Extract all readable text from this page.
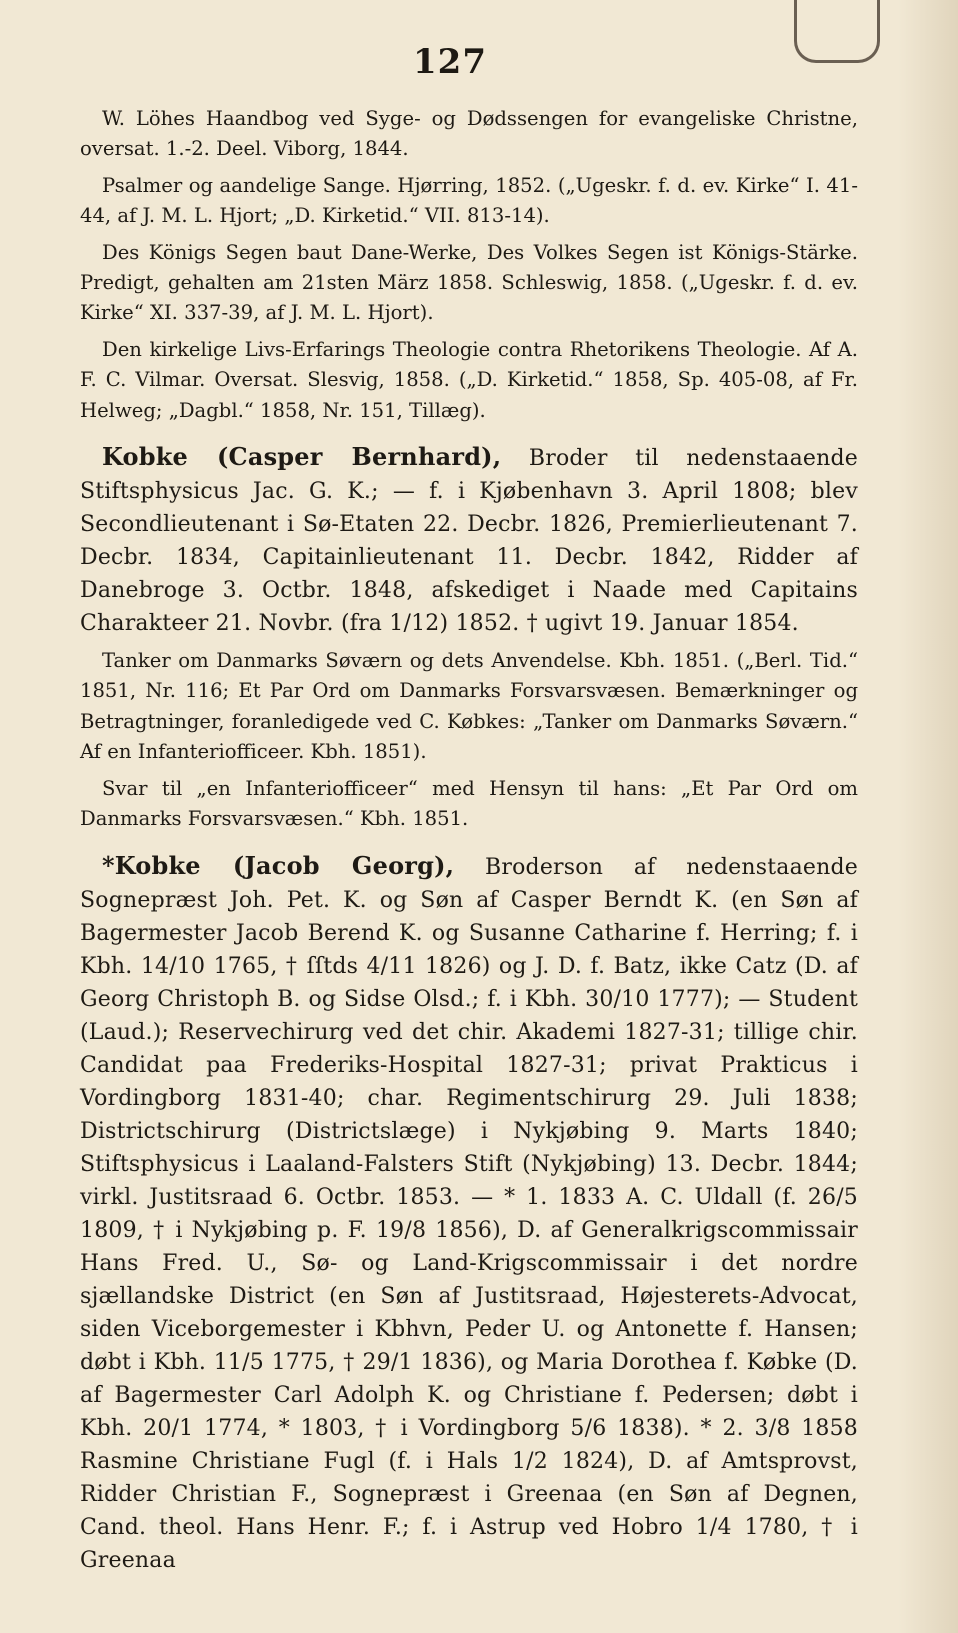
127

W. Löhes Haandbog ved Syge- og Dødssengen for evangeliske Christne, oversat. 1.-2. Deel. Viborg, 1844.

Psalmer og aandelige Sange. Hjørring, 1852. („Ugeskr. f. d. ev. Kirke“ I. 41-44, af J. M. L. Hjort; „D. Kirketid.“ VII. 813-14).

Des Königs Segen baut Dane-Werke, Des Volkes Segen ist Königs-Stärke. Predigt, gehalten am 21sten März 1858. Schleswig, 1858. („Ugeskr. f. d. ev. Kirke“ XI. 337-39, af J. M. L. Hjort).

Den kirkelige Livs-Erfarings Theologie contra Rhetorikens Theologie. Af A. F. C. Vilmar. Oversat. Slesvig, 1858. („D. Kirketid.“ 1858, Sp. 405-08, af Fr. Helweg; „Dagbl.“ 1858, Nr. 151, Tillæg).

Kobke (Casper Bernhard), Broder til nedenstaaende Stiftsphysicus Jac. G. K.; — f. i Kjøbenhavn 3. April 1808; blev Secondlieutenant i Sø-Etaten 22. Decbr. 1826, Premierlieutenant 7. Decbr. 1834, Capitainlieutenant 11. Decbr. 1842, Ridder af Danebroge 3. Octbr. 1848, afskediget i Naade med Capitains Charakteer 21. Novbr. (fra 1/12) 1852. † ugivt 19. Januar 1854.

Tanker om Danmarks Søværn og dets Anvendelse. Kbh. 1851. („Berl. Tid.“ 1851, Nr. 116; Et Par Ord om Danmarks Forsvarsvæsen. Bemærkninger og Betragtninger, foranledigede ved C. Købkes: „Tanker om Danmarks Søværn.“ Af en Infanteriofficeer. Kbh. 1851).

Svar til „en Infanteriofficeer“ med Hensyn til hans: „Et Par Ord om Danmarks Forsvarsvæsen.“ Kbh. 1851.

*Kobke (Jacob Georg), Broderson af nedenstaaende Sognepræst Joh. Pet. K. og Søn af Casper Berndt K. (en Søn af Bagermester Jacob Berend K. og Susanne Catharine f. Herring; f. i Kbh. 14/10 1765, † ſſtds 4/11 1826) og J. D. f. Batz, ikke Catz (D. af Georg Christoph B. og Sidse Olsd.; f. i Kbh. 30/10 1777); — Student (Laud.); Reservechirurg ved det chir. Akademi 1827-31; tillige chir. Candidat paa Frederiks-Hospital 1827-31; privat Prakticus i Vordingborg 1831-40; char. Regimentschirurg 29. Juli 1838; Districtschirurg (Districtslæge) i Nykjøbing 9. Marts 1840; Stiftsphysicus i Laaland-Falsters Stift (Nykjøbing) 13. Decbr. 1844; virkl. Justitsraad 6. Octbr. 1853. — * 1. 1833 A. C. Uldall (f. 26/5 1809, † i Nykjøbing p. F. 19/8 1856), D. af Generalkrigscommissair Hans Fred. U., Sø- og Land-Krigscommissair i det nordre sjællandske District (en Søn af Justitsraad, Højesterets-Advocat, siden Viceborgemester i Kbhvn, Peder U. og Antonette f. Hansen; døbt i Kbh. 11/5 1775, † 29/1 1836), og Maria Dorothea f. Købke (D. af Bagermester Carl Adolph K. og Christiane f. Pedersen; døbt i Kbh. 20/1 1774, * 1803, † i Vordingborg 5/6 1838). * 2. 3/8 1858 Rasmine Christiane Fugl (f. i Hals 1/2 1824), D. af Amtsprovst, Ridder Christian F., Sognepræst i Greenaa (en Søn af Degnen, Cand. theol. Hans Henr. F.; f. i Astrup ved Hobro 1/4 1780, † i Greenaa
